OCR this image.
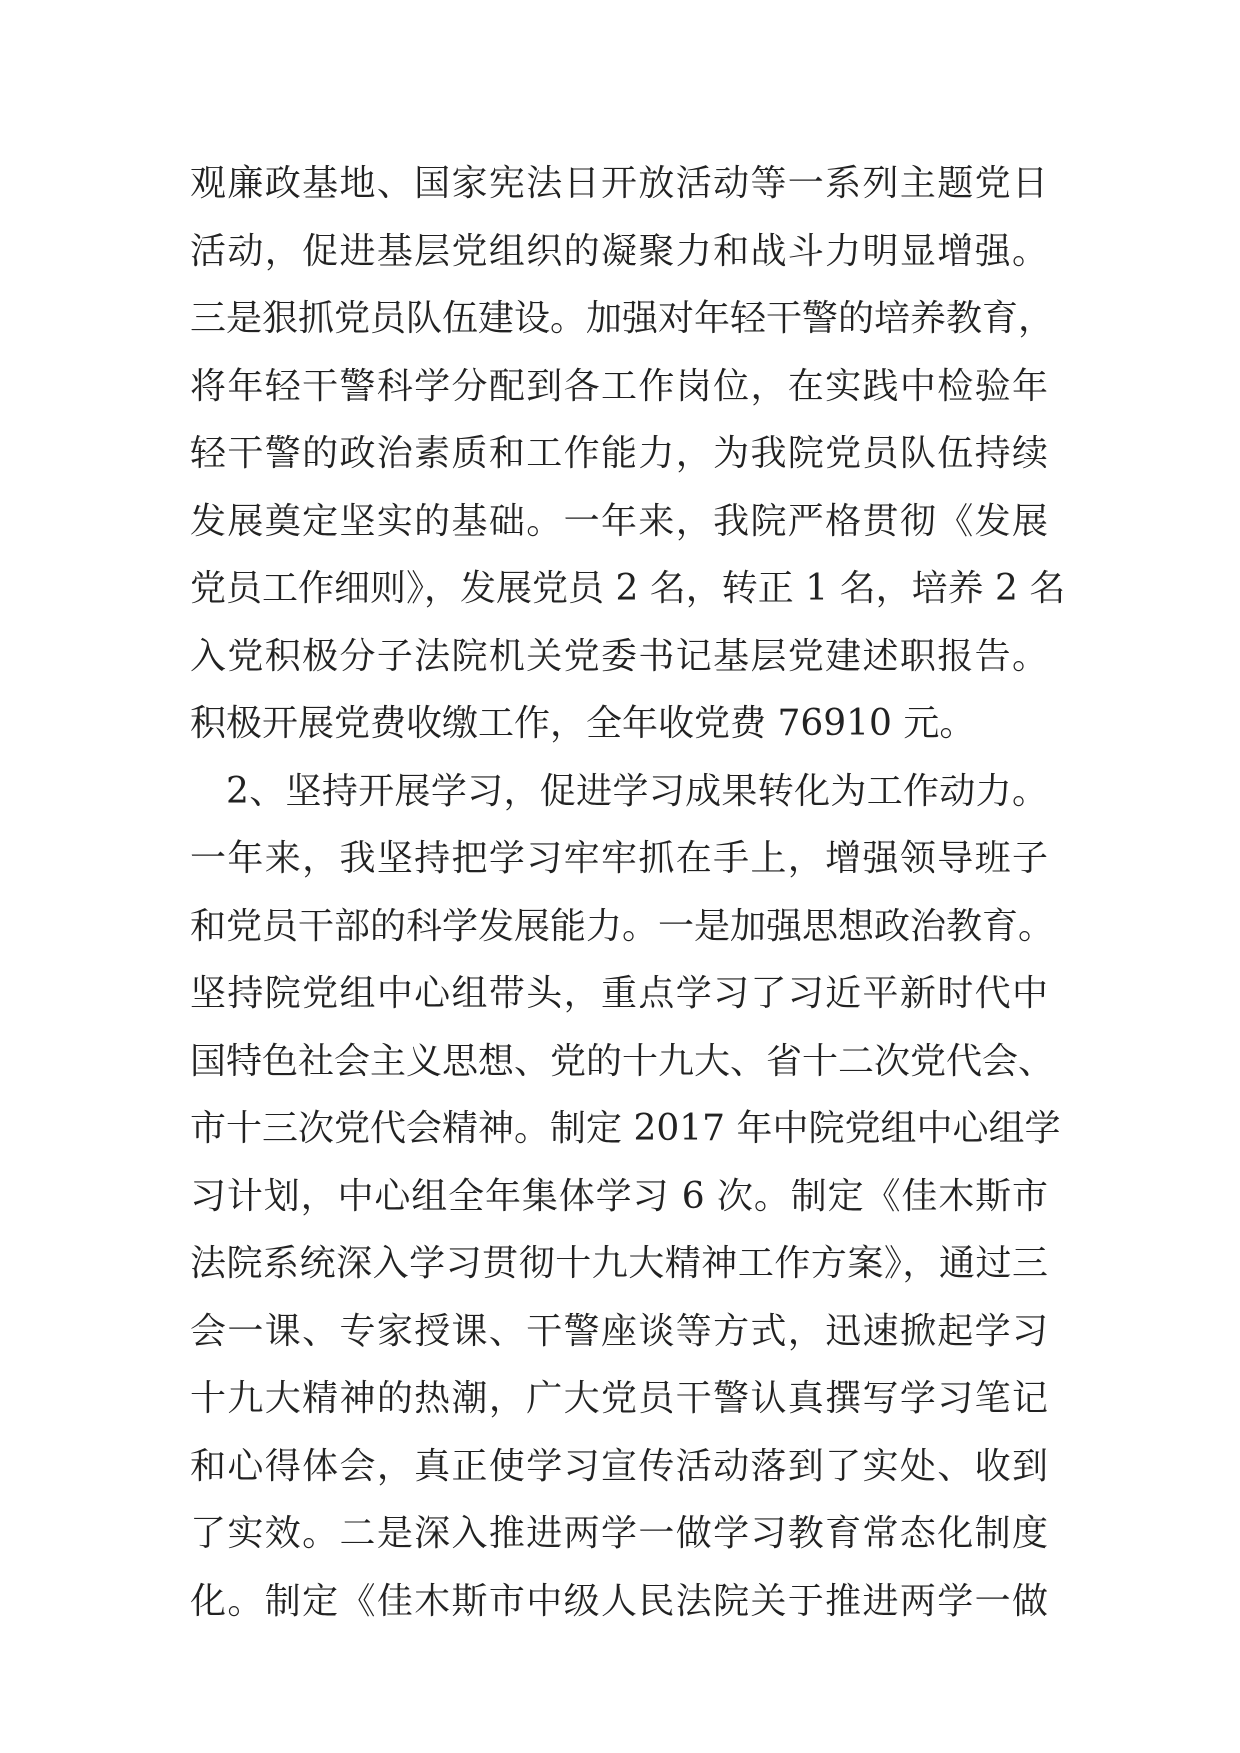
观廉政基地、国家宪法日开放活动等一系列主题党日
活动，促进基层党组织的凝聚力和战斗力明显增强。
三是狠抓党员队伍建设。加强对年轻干警的培养教育，
将年轻干警科学分配到各工作岗位，在实践中检验年
轻干警的政治素质和工作能力，为我院党员队伍持续
发展奠定坚实的基础。一年来，我院严格贯彻《发展
党员工作细则》，发展党员 2 名，转正 1 名，培养 2 名
入党积极分子法院机关党委书记基层党建述职报告。
积极开展党费收缴工作，全年收党费 76910 元。
2、坚持开展学习，促进学习成果转化为工作动力。
一年来，我坚持把学习牢牢抓在手上，增强领导班子
和党员干部的科学发展能力。一是加强思想政治教育。
坚持院党组中心组带头，重点学习了习近平新时代中
国特色社会主义思想、党的十九大、省十二次党代会、
市十三次党代会精神。制定 2017 年中院党组中心组学
习计划，中心组全年集体学习 6 次。制定《佳木斯市
法院系统深入学习贯彻十九大精神工作方案》，通过三
会一课、专家授课、干警座谈等方式，迅速掀起学习
十九大精神的热潮，广大党员干警认真撰写学习笔记
和心得体会，真正使学习宣传活动落到了实处、收到
了实效。二是深入推进两学一做学习教育常态化制度
化。制定《佳木斯市中级人民法院关于推进两学一做
